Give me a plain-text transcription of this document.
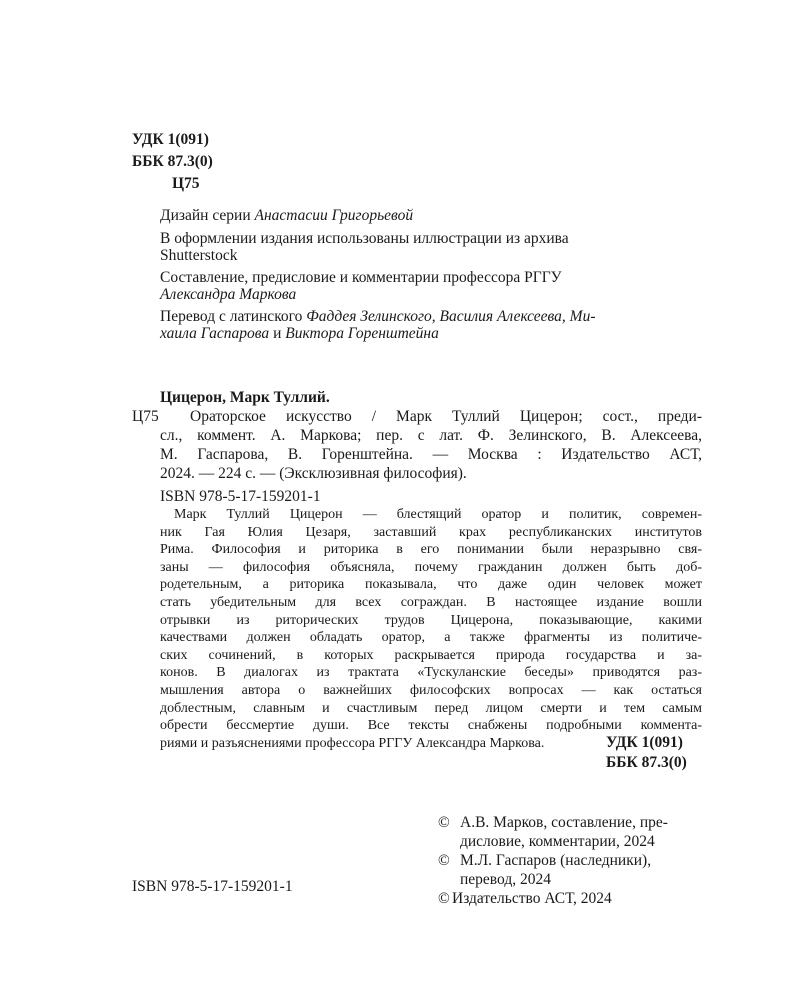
УДК 1(091)
ББК 87.3(0)
Ц75
Дизайн серии Анастасии Григорьевой
В оформлении издания использованы иллюстрации из архива
Shutterstock
Составление, предисловие и комментарии профессора РГГУ
Александра Маркова
Перевод с латинского Фаддея Зелинского, Василия Алексеева, Ми-
хаила Гаспарова и Виктора Горенштейна
Цицерон, Марк Туллий.
Ц75 Ораторское искусство / Марк Туллий Цицерон; сост., преди-
сл., коммент. А. Маркова; пер. с лат. Ф. Зелинского, В. Алексеева,
М. Гаспарова, В. Горенштейна. — Москва : Издательство АСТ,
2024. — 224 с. — (Эксклюзивная философия).
ISBN 978-5-17-159201-1
Марк Туллий Цицерон — блестящий оратор и политик, современ-
ник Гая Юлия Цезаря, заставший крах республиканских институтов
Рима. Философия и риторика в его понимании были неразрывно свя-
заны — философия объясняла, почему гражданин должен быть доб-
родетельным, а риторика показывала, что даже один человек может
стать убедительным для всех сограждан. В настоящее издание вошли
отрывки из риторических трудов Цицерона, показывающие, какими
качествами должен обладать оратор, а также фрагменты из политиче-
ских сочинений, в которых раскрывается природа государства и за-
конов. В диалогах из трактата «Тускуланские беседы» приводятся раз-
мышления автора о важнейших философских вопросах — как остаться
доблестным, славным и счастливым перед лицом смерти и тем самым
обрести бессмертие души. Все тексты снабжены подробными коммента-
риями и разъяснениями профессора РГГУ Александра Маркова.	УДК 1(091)
ББК 87.3(0)
ISBN 978-5-17-159201-1
© А.В. Марков, составление, пре-
дисловие, комментарии, 2024
© М.Л. Гаспаров (наследники),
перевод, 2024
© Издательство АСТ, 2024
